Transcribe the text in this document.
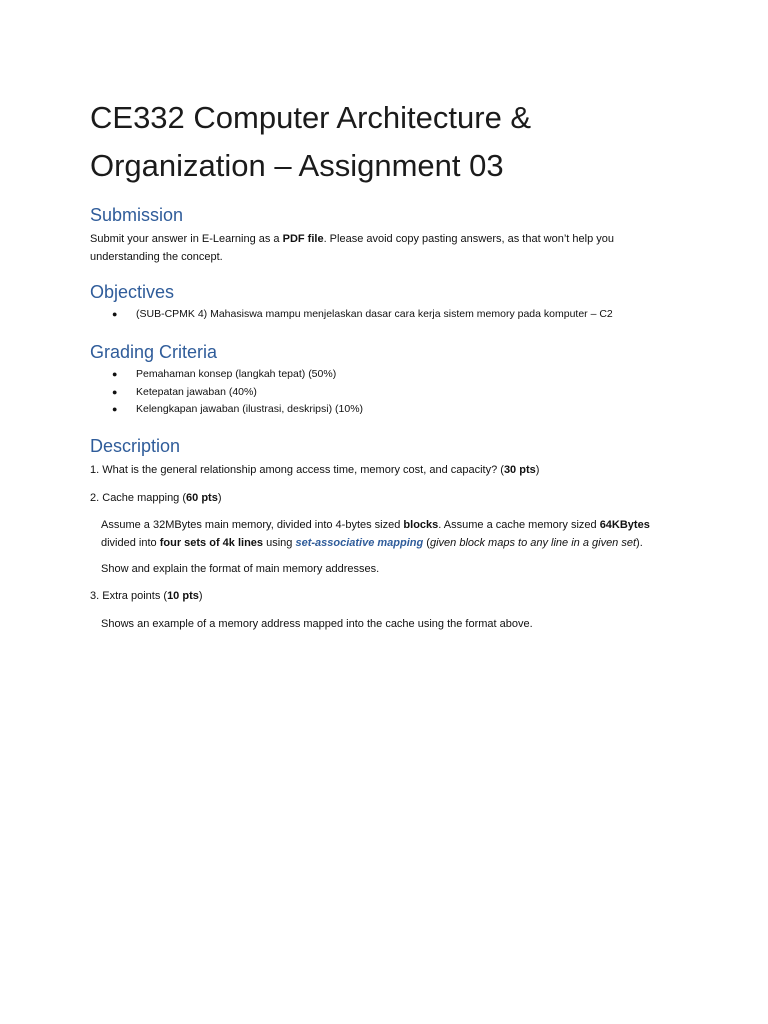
CE332 Computer Architecture & Organization – Assignment 03
Submission

Submit your answer in E-Learning as a PDF file. Please avoid copy pasting answers, as that won’t help you understanding the concept.

Objectives
● (SUB-CPMK 4) Mahasiswa mampu menjelaskan dasar cara kerja sistem memory pada komputer – C2
Grading Criteria
● Pemahaman konsep (langkah tepat) (50%)
● Ketepatan jawaban (40%)
● Kelengkapan jawaban (ilustrasi, deskripsi) (10%)
Description

1. What is the general relationship among access time, memory cost, and capacity? (30 pts)

2. Cache mapping (60 pts)

Assume a 32MBytes main memory, divided into 4-bytes sized blocks. Assume a cache memory sized 64KBytes
divided into four sets of 4k lines using set-associative mapping (given block maps to any line in a given set).

Show and explain the format of main memory addresses.

3. Extra points (10 pts)

Shows an example of a memory address mapped into the cache using the format above.
